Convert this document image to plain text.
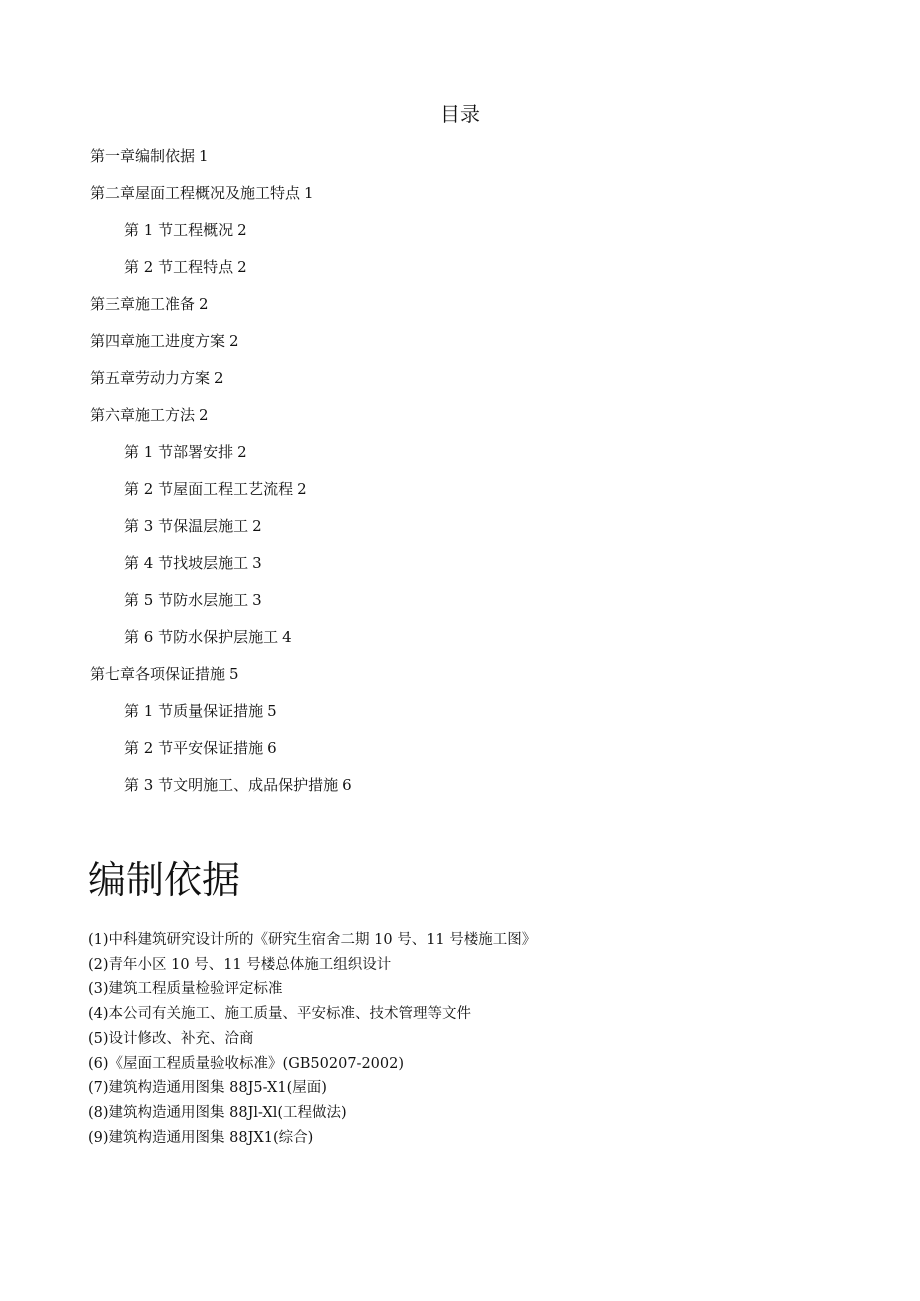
目录
第一章编制依据 1
第二章屋面工程概况及施工特点 1
第 1 节工程概况 2
第 2 节工程特点 2
第三章施工准备 2
第四章施工进度方案 2
第五章劳动力方案 2
第六章施工方法 2
第 1 节部署安排 2
第 2 节屋面工程工艺流程 2
第 3 节保温层施工 2
第 4 节找坡层施工 3
第 5 节防水层施工 3
第 6 节防水保护层施工 4
第七章各项保证措施 5
第 1 节质量保证措施 5
第 2 节平安保证措施 6
第 3 节文明施工、成品保护措施 6
编制依据
(1)中科建筑研究设计所的《研究生宿舍二期 10 号、11 号楼施工图》
(2)青年小区 10 号、11 号楼总体施工组织设计
(3)建筑工程质量检验评定标准
(4)本公司有关施工、施工质量、平安标准、技术管理等文件
(5)设计修改、补充、洽商
(6)《屋面工程质量验收标准》(GB50207-2002)
(7)建筑构造通用图集 88J5-X1(屋面)
(8)建筑构造通用图集 88Jl-Xl(工程做法)
(9)建筑构造通用图集 88JX1(综合)
